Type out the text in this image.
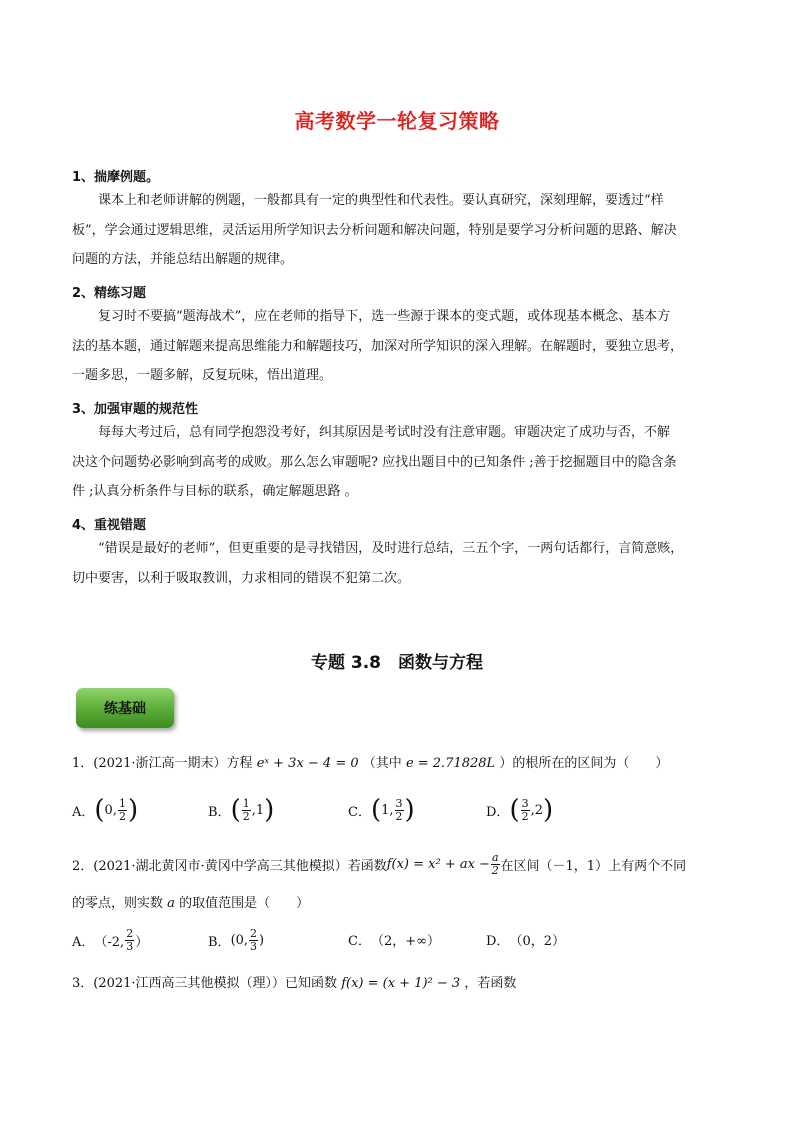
高考数学一轮复习策略
1、揣摩例题。
课本上和老师讲解的例题，一般都具有一定的典型性和代表性。要认真研究，深刻理解，要透过“样
板”，学会通过逻辑思维，灵活运用所学知识去分析问题和解决问题，特别是要学习分析问题的思路、解决
问题的方法，并能总结出解题的规律。
2、精练习题
复习时不要搞“题海战术”，应在老师的指导下，选一些源于课本的变式题，或体现基本概念、基本方
法的基本题，通过解题来提高思维能力和解题技巧，加深对所学知识的深入理解。在解题时，要独立思考，
一题多思，一题多解，反复玩味，悟出道理。
3、加强审题的规范性
每每大考过后，总有同学抱怨没考好，纠其原因是考试时没有注意审题。审题决定了成功与否，不解
决这个问题势必影响到高考的成败。那么怎么审题呢? 应找出题目中的已知条件 ;善于挖掘题目中的隐含条
件 ;认真分析条件与目标的联系，确定解题思路 。
4、重视错题
“错误是最好的老师”，但更重要的是寻找错因，及时进行总结，三五个字，一两句话都行，言简意赅，
切中要害，以利于吸取教训，力求相同的错误不犯第二次。
专题 3.8　函数与方程
练基础
1．(2021·浙江高一期末）方程 eˣ + 3x − 4 = 0 （其中 e = 2.71828L ）的根所在的区间为（　　）
A． ( 0 , $\frac{1}{2}$ )	B． ( $\frac{1}{2}$ , 1 )	C． ( 1 , $\frac{3}{2}$ )	D． ( $\frac{3}{2}$ , 2 )
2．(2021·湖北黄冈市·黄冈中学高三其他模拟）若函数 f(x) = x² + ax − $\frac{a}{2}$ 在区间（－1，1）上有两个不同
的零点，则实数 a 的取值范围是（　　）
A． （-2, $\frac{2}{3}$ ）	B． (0, $\frac{2}{3}$ )	C． （2，+∞）	D． （0，2）
3．(2021·江西高三其他模拟（理））已知函数 f(x) = (x + 1)² − 3 ，若函数
